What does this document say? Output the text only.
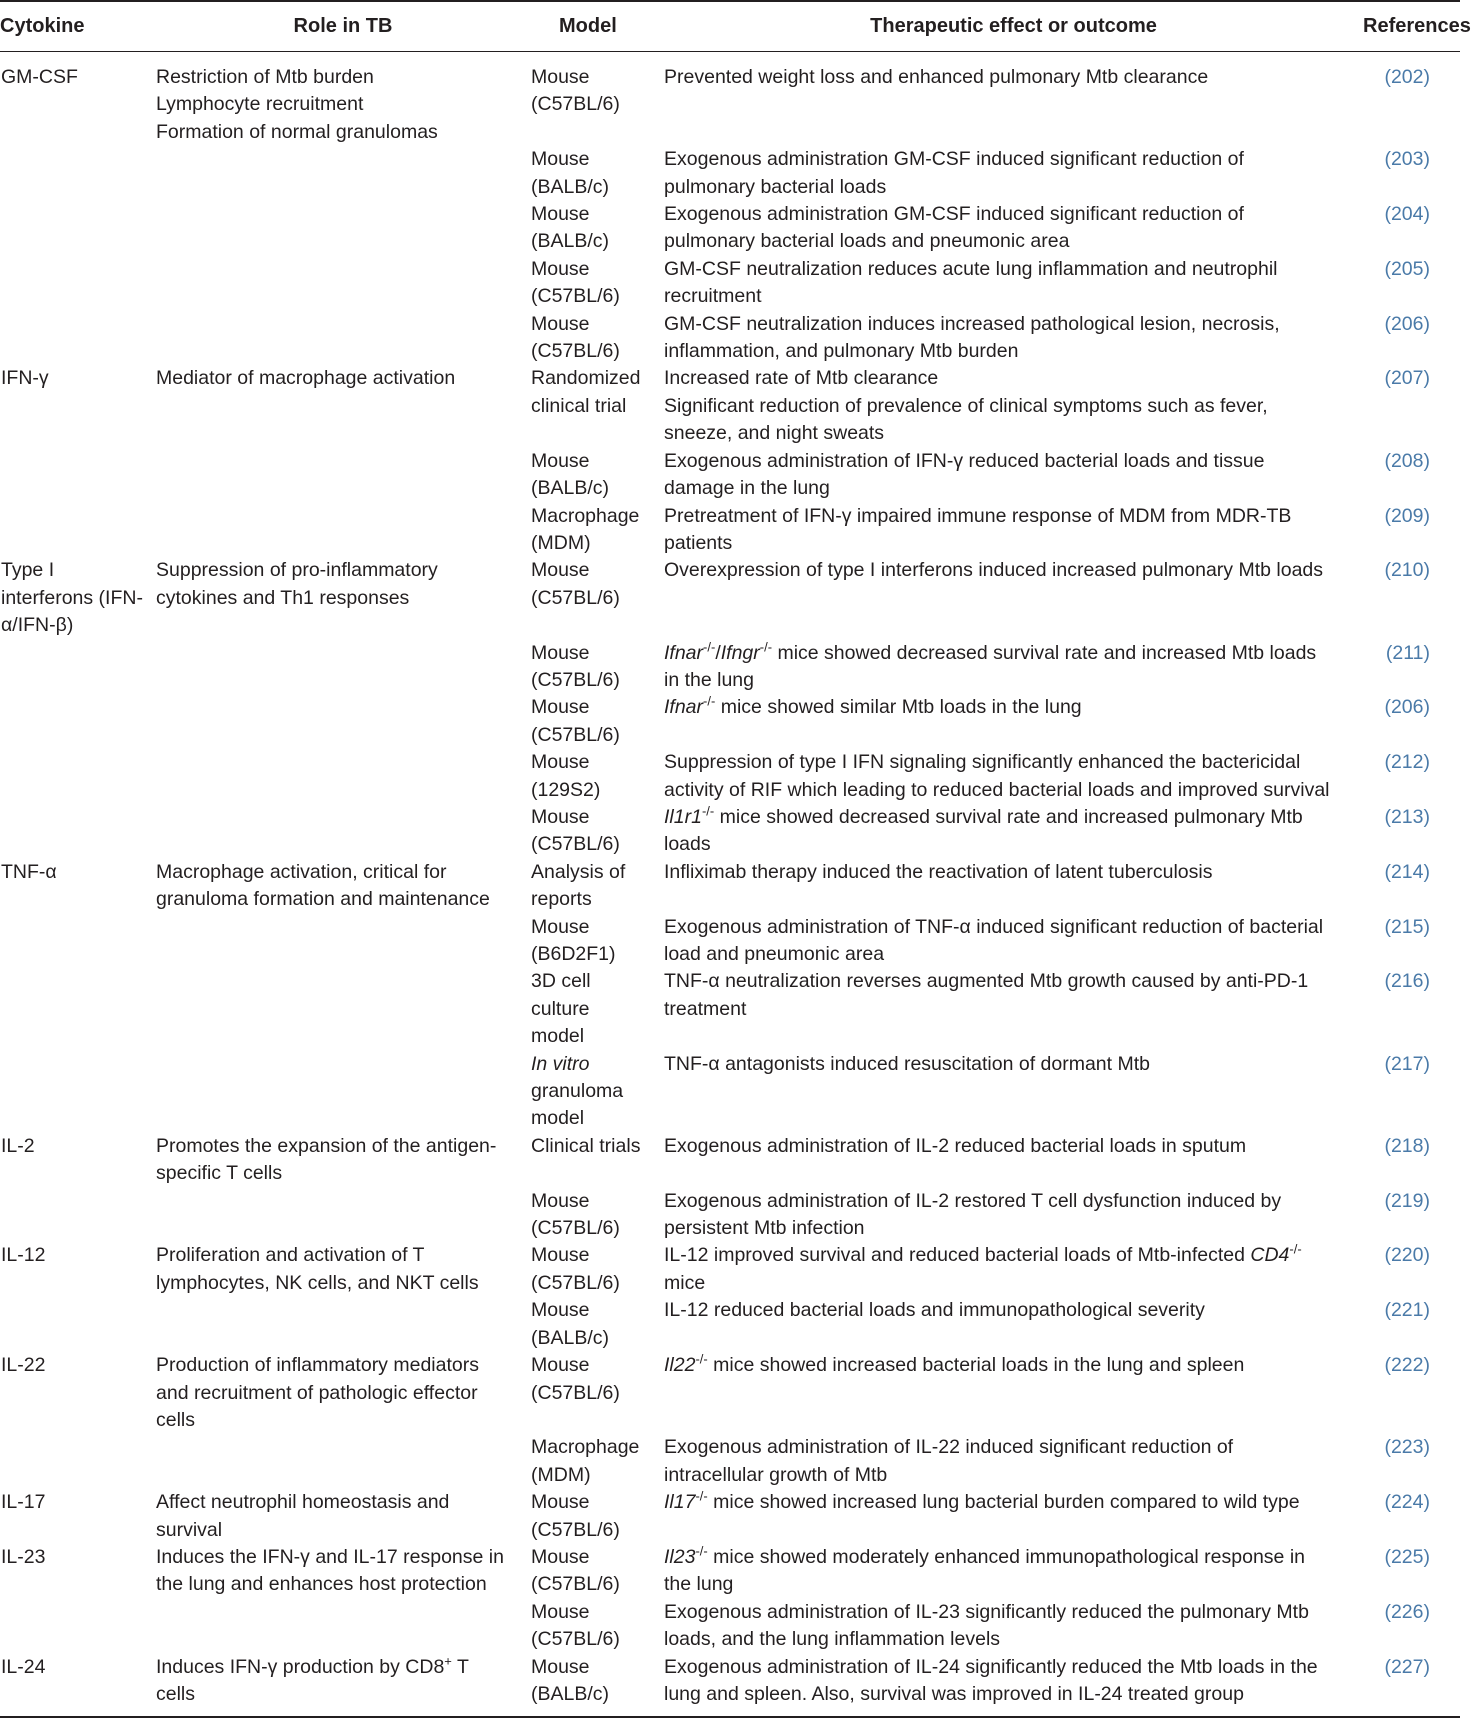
Cytokine	Role in TB	Model	Therapeutic effect or outcome	References

GM-CSF	Restriction of Mtb burden
Lymphocyte recruitment
Formation of normal granulomas	Mouse
(C57BL/6)	Prevented weight loss and enhanced pulmonary Mtb clearance	(202)

		Mouse
(BALB/c)	Exogenous administration GM-CSF induced significant reduction of
pulmonary bacterial loads	(203)

		Mouse
(BALB/c)	Exogenous administration GM-CSF induced significant reduction of
pulmonary bacterial loads and pneumonic area	(204)

		Mouse
(C57BL/6)	GM-CSF neutralization reduces acute lung inflammation and neutrophil
recruitment	(205)

		Mouse
(C57BL/6)	GM-CSF neutralization induces increased pathological lesion, necrosis,
inflammation, and pulmonary Mtb burden	(206)

IFN-γ	Mediator of macrophage activation	Randomized
clinical trial	Increased rate of Mtb clearance
Significant reduction of prevalence of clinical symptoms such as fever,
sneeze, and night sweats	(207)

		Mouse
(BALB/c)	Exogenous administration of IFN-γ reduced bacterial loads and tissue
damage in the lung	(208)

		Macrophage
(MDM)	Pretreatment of IFN-γ impaired immune response of MDM from MDR-TB
patients	(209)

Type I
interferons (IFN-
α/IFN-β)	Suppression of pro-inflammatory
cytokines and Th1 responses	Mouse
(C57BL/6)	Overexpression of type I interferons induced increased pulmonary Mtb loads	(210)

		Mouse
(C57BL/6)	Ifnar-/-/Ifngr-/- mice showed decreased survival rate and increased Mtb loads
in the lung	(211)

		Mouse
(C57BL/6)	Ifnar-/- mice showed similar Mtb loads in the lung	(206)

		Mouse
(129S2)	Suppression of type I IFN signaling significantly enhanced the bactericidal
activity of RIF which leading to reduced bacterial loads and improved survival	(212)

		Mouse
(C57BL/6)	Il1r1-/- mice showed decreased survival rate and increased pulmonary Mtb
loads	(213)

TNF-α	Macrophage activation, critical for
granuloma formation and maintenance	Analysis of
reports	Infliximab therapy induced the reactivation of latent tuberculosis	(214)

		Mouse
(B6D2F1)	Exogenous administration of TNF-α induced significant reduction of bacterial
load and pneumonic area	(215)

		3D cell
culture
model	TNF-α neutralization reverses augmented Mtb growth caused by anti-PD-1
treatment	(216)

		In vitro
granuloma
model	TNF-α antagonists induced resuscitation of dormant Mtb	(217)

IL-2	Promotes the expansion of the antigen-
specific T cells	Clinical trials	Exogenous administration of IL-2 reduced bacterial loads in sputum	(218)

		Mouse
(C57BL/6)	Exogenous administration of IL-2 restored T cell dysfunction induced by
persistent Mtb infection	(219)

IL-12	Proliferation and activation of T
lymphocytes, NK cells, and NKT cells	Mouse
(C57BL/6)	IL-12 improved survival and reduced bacterial loads of Mtb-infected CD4-/-
mice	(220)

		Mouse
(BALB/c)	IL-12 reduced bacterial loads and immunopathological severity	(221)

IL-22	Production of inflammatory mediators
and recruitment of pathologic effector
cells	Mouse
(C57BL/6)	Il22-/- mice showed increased bacterial loads in the lung and spleen	(222)

		Macrophage
(MDM)	Exogenous administration of IL-22 induced significant reduction of
intracellular growth of Mtb	(223)

IL-17	Affect neutrophil homeostasis and
survival	Mouse
(C57BL/6)	Il17-/- mice showed increased lung bacterial burden compared to wild type	(224)

IL-23	Induces the IFN-γ and IL-17 response in
the lung and enhances host protection	Mouse
(C57BL/6)	Il23-/- mice showed moderately enhanced immunopathological response in
the lung	(225)

		Mouse
(C57BL/6)	Exogenous administration of IL-23 significantly reduced the pulmonary Mtb
loads, and the lung inflammation levels	(226)

IL-24	Induces IFN-γ production by CD8+ T
cells	Mouse
(BALB/c)	Exogenous administration of IL-24 significantly reduced the Mtb loads in the
lung and spleen. Also, survival was improved in IL-24 treated group	(227)
